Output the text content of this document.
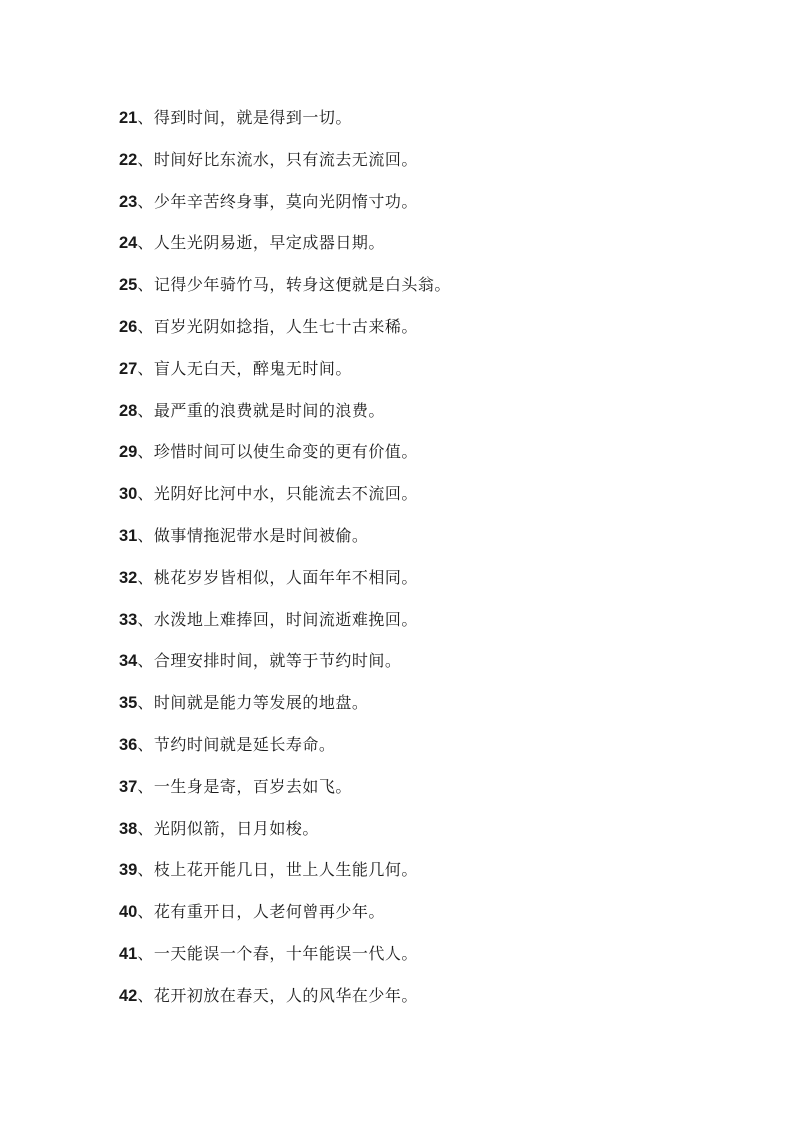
21、得到时间，就是得到一切。
22、时间好比东流水，只有流去无流回。
23、少年辛苦终身事，莫向光阴惰寸功。
24、人生光阴易逝，早定成器日期。
25、记得少年骑竹马，转身这便就是白头翁。
26、百岁光阴如捻指，人生七十古来稀。
27、盲人无白天，醉鬼无时间。
28、最严重的浪费就是时间的浪费。
29、珍惜时间可以使生命变的更有价值。
30、光阴好比河中水，只能流去不流回。
31、做事情拖泥带水是时间被偷。
32、桃花岁岁皆相似，人面年年不相同。
33、水泼地上难捧回，时间流逝难挽回。
34、合理安排时间，就等于节约时间。
35、时间就是能力等发展的地盘。
36、节约时间就是延长寿命。
37、一生身是寄，百岁去如飞。
38、光阴似箭，日月如梭。
39、枝上花开能几日，世上人生能几何。
40、花有重开日，人老何曾再少年。
41、一天能误一个春，十年能误一代人。
42、花开初放在春天，人的风华在少年。
